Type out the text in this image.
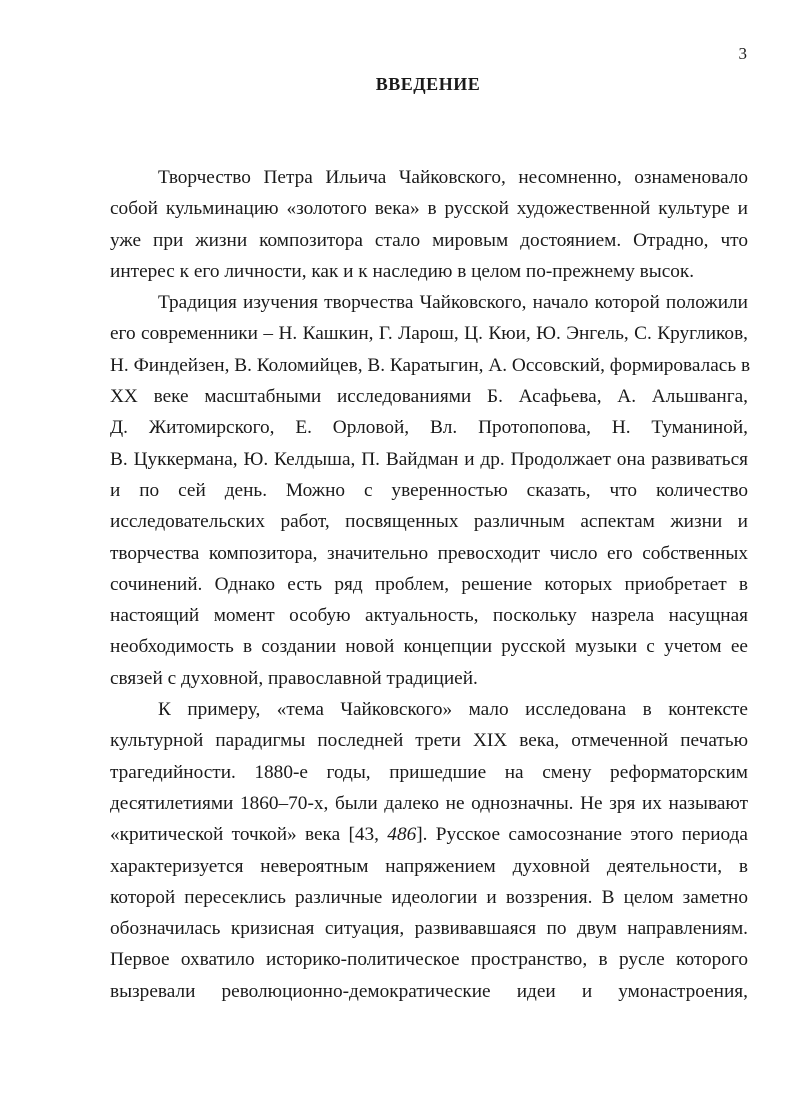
3
ВВЕДЕНИЕ
Творчество Петра Ильича Чайковского, несомненно, ознаменовало
собой кульминацию «золотого века» в русской художественной культуре и
уже при жизни композитора стало мировым достоянием. Отрадно, что
интерес к его личности, как и к наследию в целом по-прежнему высок.
Традиция изучения творчества Чайковского, начало которой положили
его современники – Н. Кашкин, Г. Ларош, Ц. Кюи, Ю. Энгель, С. Кругликов,
Н. Финдейзен, В. Коломийцев, В. Каратыгин, А. Оссовский, формировалась в
XX веке масштабными исследованиями Б. Асафьева, А. Альшванга,
Д. Житомирского, Е. Орловой, Вл. Протопопова, Н. Туманиной,
В. Цуккермана, Ю. Келдыша, П. Вайдман и др. Продолжает она развиваться
и по сей день. Можно с уверенностью сказать, что количество
исследовательских работ, посвященных различным аспектам жизни и
творчества композитора, значительно превосходит число его собственных
сочинений. Однако есть ряд проблем, решение которых приобретает в
настоящий момент особую актуальность, поскольку назрела насущная
необходимость в создании новой концепции русской музыки с учетом ее
связей с духовной, православной традицией.
К примеру, «тема Чайковского» мало исследована в контексте
культурной парадигмы последней трети XIX века, отмеченной печатью
трагедийности. 1880-е годы, пришедшие на смену реформаторским
десятилетиями 1860–70-х, были далеко не однозначны. Не зря их называют
«критической точкой» века [43, 486]. Русское самосознание этого периода
характеризуется невероятным напряжением духовной деятельности, в
которой пересеклись различные идеологии и воззрения. В целом заметно
обозначилась кризисная ситуация, развивавшаяся по двум направлениям.
Первое охватило историко-политическое пространство, в русле которого
вызревали революционно-демократические идеи и умонастроения,
